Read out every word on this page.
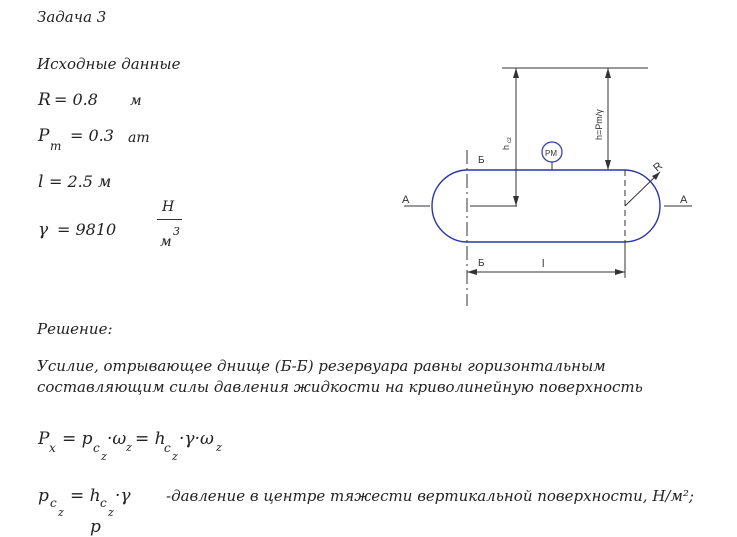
Задача 3
Исходные данные
R = 0.8 м
P m
= 0.3 ат
l = 2.5 м
γ = 9810
Н
м
3
A	A
h
cz	h=Pm/γ
PM
R
l
Б
Б
Решение:
Усилие, отрывающее днище (Б-Б) резервуара равны горизонтальным
составляющим силы давления жидкости на криволинейную поверхность
P x = p c
z
·ω z = h
c
z
·γ·ω z
p c
z
= h c
z
·γ -давление в центре тяжести вертикальной поверхности, Н/м²;
p
